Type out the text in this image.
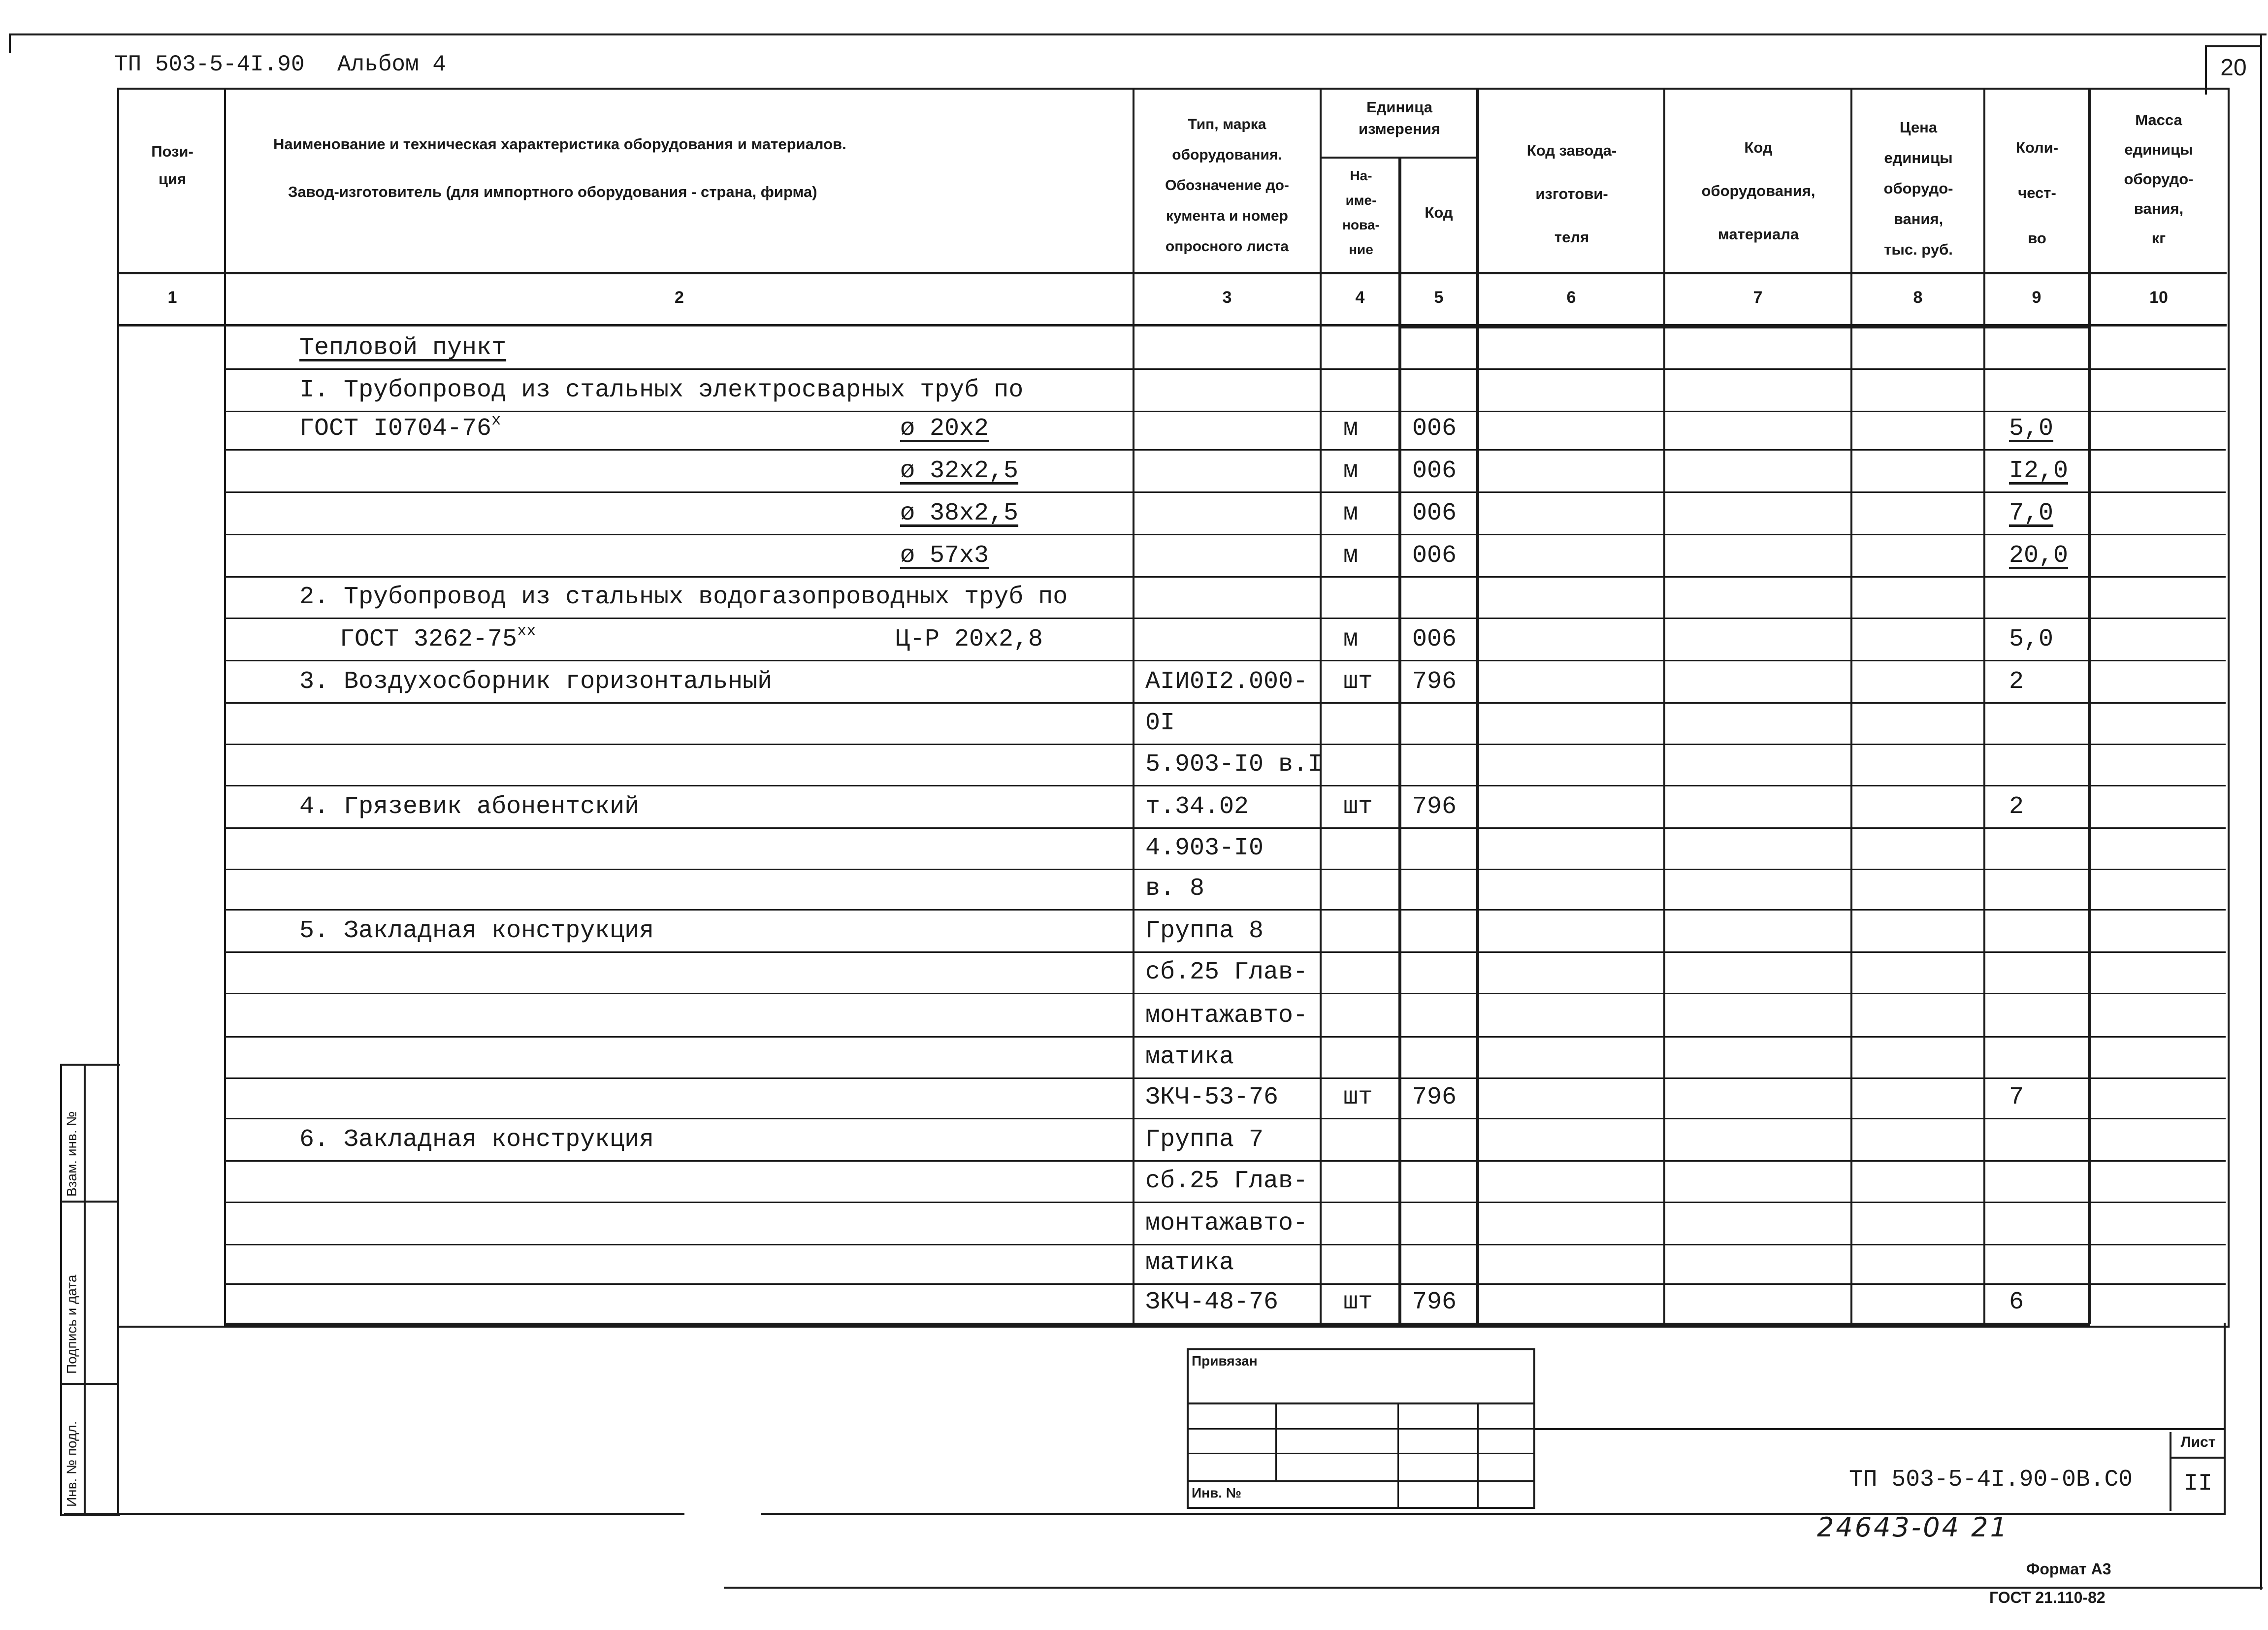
ТП 503-5-4I.90 Альбом 4	20
Пози-
ция
Наименование и техническая характеристика оборудования и материалов.
Завод-изготовитель (для импортного оборудования - страна, фирма)
Тип, марка
оборудования.
Обозначение до-
кумента и номер
опросного листа
Единица
измерения
На-
име-
нова-
ние
Код
Код завода-
изготови-
теля
Код
оборудования,
материала
Цена
единицы
оборудо-
вания,
тыс. руб.
Коли-
чест-
во
Масса
единицы
оборудо-
вания,
кг
1	2	3	4	5	6	7	8	9	10
Тепловой пункт
I. Трубопровод из стальных электросварных труб по
ГОСТ I0704-76$^x$	ø 20x2	м 006	5,0
ø 32x2,5	м 006	I2,0
ø 38x2,5	м 006	7,0
ø 57x3	м 006	20,0
2. Трубопровод из стальных водогазопроводных труб по
ГОСТ 3262-75$^{xx}$	Ц-Р 20х2,8	м 006	5,0
3. Воздухосборник горизонтальный	АIИ0I2.000- шт 796	2
0I
5.903-I0 в.I
4. Грязевик абонентский	т.34.02	шт 796	2
4.903-I0
в. 8
5. Закладная конструкция	Группа 8
сб.25 Глав-
монтажавто-
матика
ЗКЧ-53-76	шт 796	7
6. Закладная конструкция	Группа 7
сб.25 Глав-
монтажавто-
матика
ЗКЧ-48-76	шт 796	6
Привязан
Инв. №	ТП 503-5-4I.90-0В.С0
Лист
II
24643-04 21
Формат А3
ГОСТ 21.110-82
Взам. инв. №
Подпись и дата
Инв. № подл.
